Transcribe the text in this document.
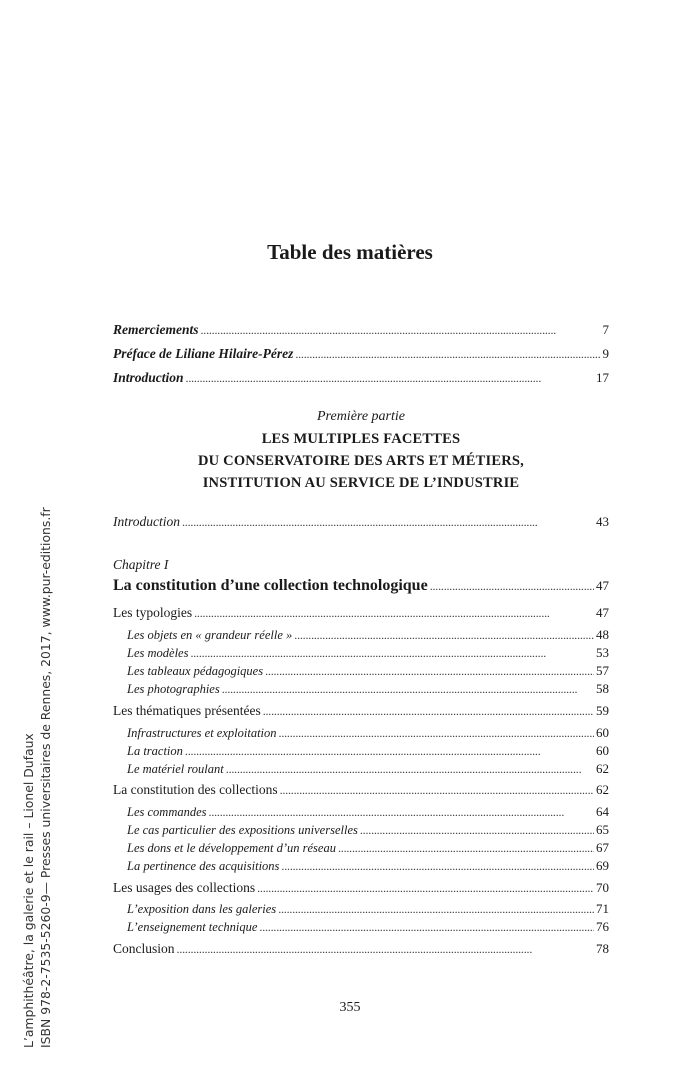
Table des matières
Remerciements . . .	7
Préface de Liliane Hilaire-Pérez . . .	9
Introduction . . .	17
Première partie
LES MULTIPLES FACETTES
DU CONSERVATOIRE DES ARTS ET MÉTIERS,
INSTITUTION AU SERVICE DE L’INDUSTRIE
Introduction . . .	43
Chapitre I
La constitution d’une collection technologique . . .	47
Les typologies . . .	47
Les objets en « grandeur réelle » . . .	48
Les modèles . . .	53
Les tableaux pédagogiques . . .	57
Les photographies . . .	58
Les thématiques présentées . . .	59
Infrastructures et exploitation . . .	60
La traction . . .	60
Le matériel roulant . . .	62
La constitution des collections . . .	62
Les commandes . . .	64
Le cas particulier des expositions universelles . . .	65
Les dons et le développement d’un réseau . . .	67
La pertinence des acquisitions . . .	69
Les usages des collections . . .	70
L’exposition dans les galeries . . .	71
L’enseignement technique . . .	76
Conclusion . . .	78
355
L’amphithéâtre, la galerie et le rail – Lionel Dufaux ISBN 978-2-7535-5260-9— Presses universitaires de Rennes, 2017, www.pur-editions.fr
